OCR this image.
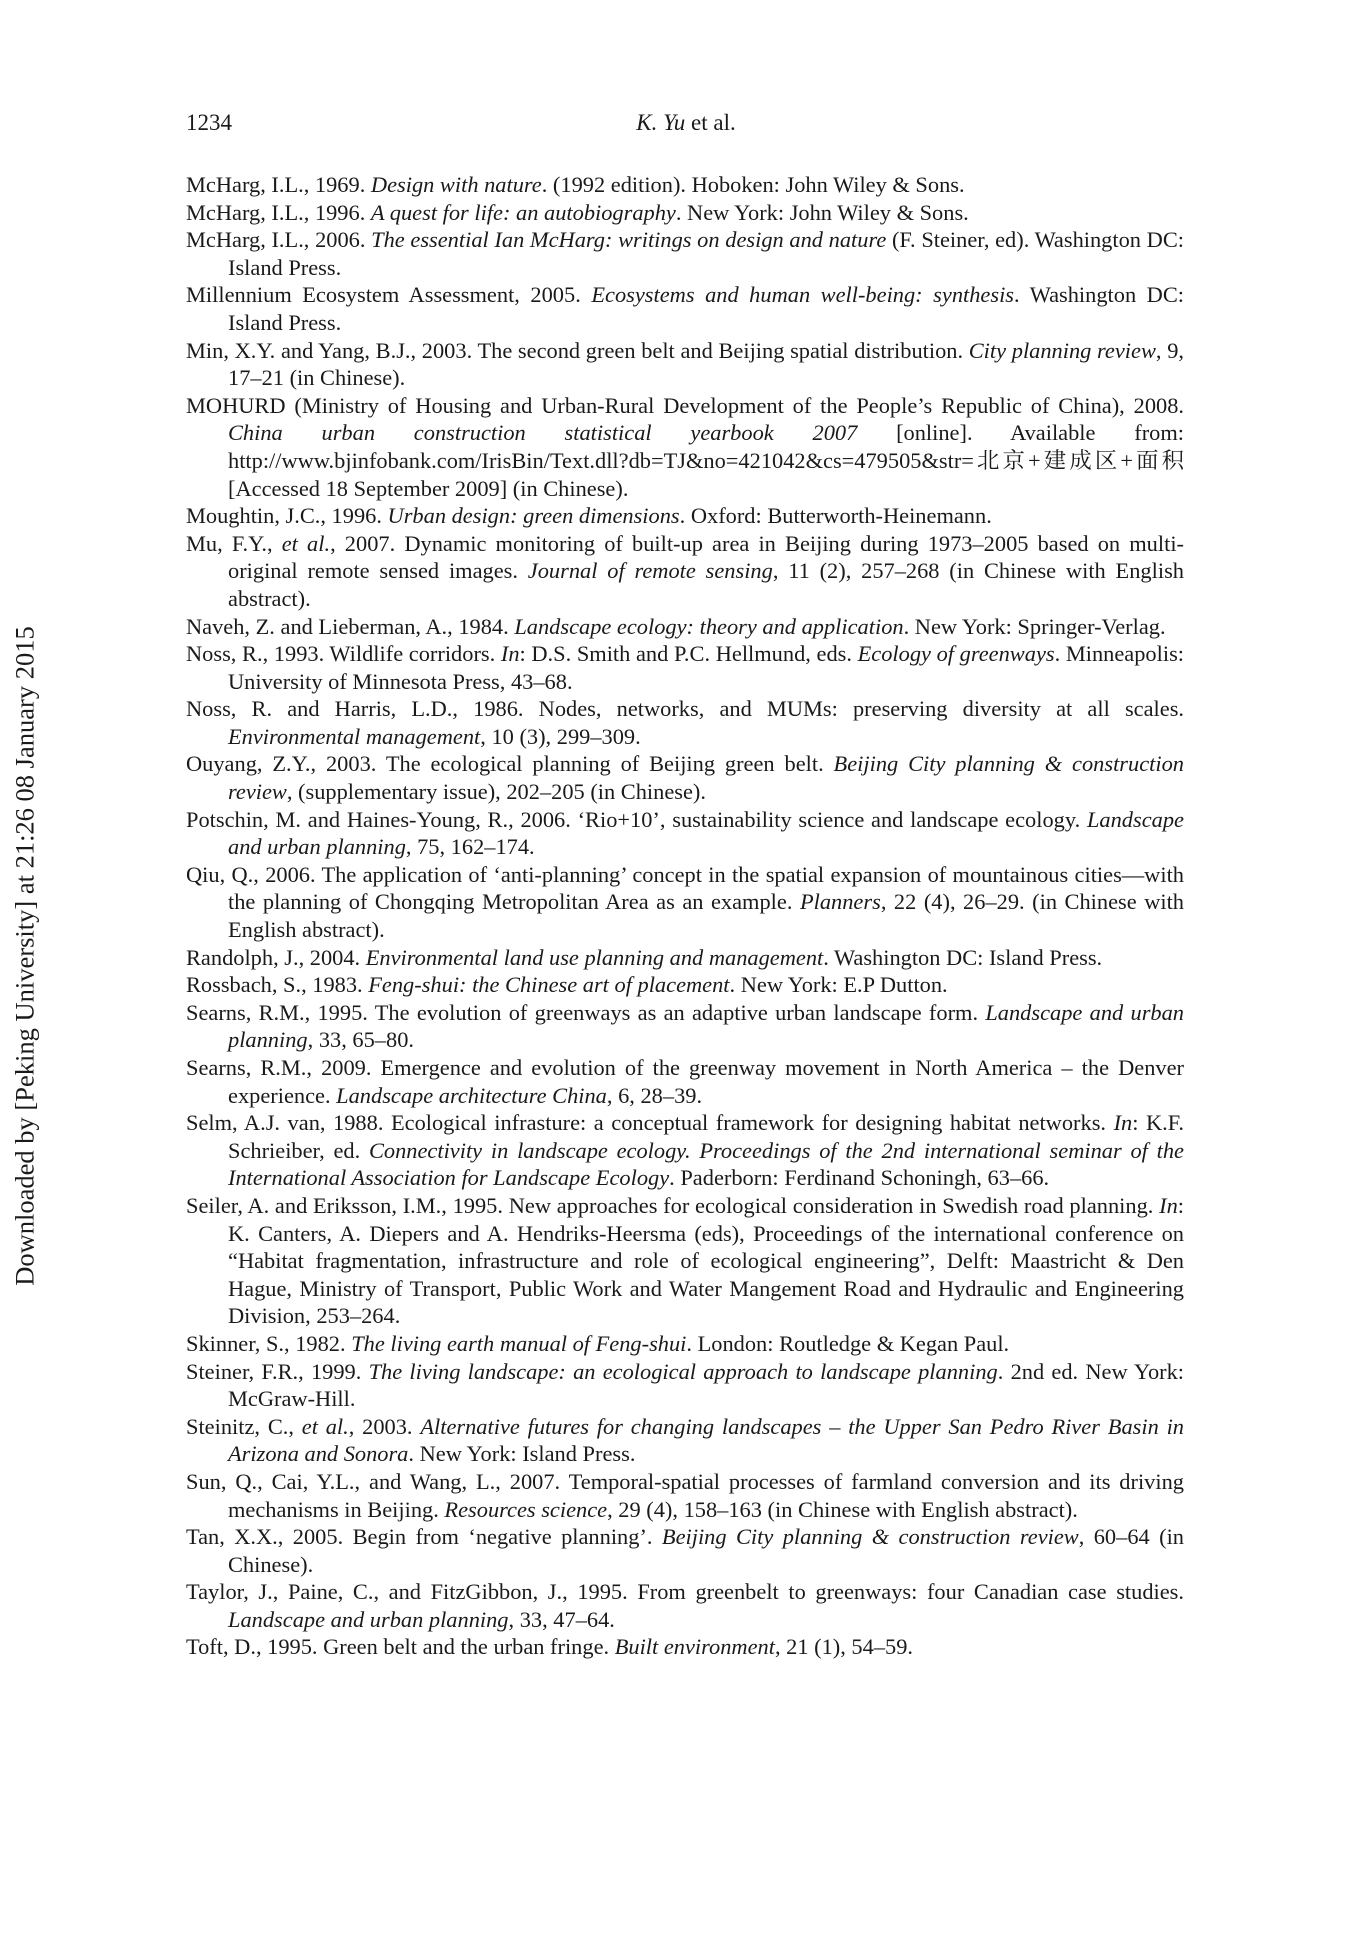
1234	K. Yu et al.
Downloaded by [Peking University] at 21:26 08 January 2015

McHarg, I.L., 1969. Design with nature. (1992 edition). Hoboken: John Wiley & Sons.

McHarg, I.L., 1996. A quest for life: an autobiography. New York: John Wiley & Sons.

McHarg, I.L., 2006. The essential Ian McHarg: writings on design and nature (F. Steiner, ed). Washington DC: Island Press.

Millennium Ecosystem Assessment, 2005. Ecosystems and human well-being: synthesis. Washington DC: Island Press.

Min, X.Y. and Yang, B.J., 2003. The second green belt and Beijing spatial distribution. City planning review, 9, 17–21 (in Chinese).

MOHURD (Ministry of Housing and Urban-Rural Development of the People’s Republic of China), 2008. China urban construction statistical yearbook 2007 [online]. Available from: http://www.bjinfobank.com/IrisBin/Text.dll?db=TJ&no=421042&cs=479505&str=北京+建成区+面积 [Accessed 18 September 2009] (in Chinese).

Moughtin, J.C., 1996. Urban design: green dimensions. Oxford: Butterworth-Heinemann.

Mu, F.Y., et al., 2007. Dynamic monitoring of built-up area in Beijing during 1973–2005 based on multi-original remote sensed images. Journal of remote sensing, 11 (2), 257–268 (in Chinese with English abstract).

Naveh, Z. and Lieberman, A., 1984. Landscape ecology: theory and application. New York: Springer-Verlag.

Noss, R., 1993. Wildlife corridors. In: D.S. Smith and P.C. Hellmund, eds. Ecology of greenways. Minneapolis: University of Minnesota Press, 43–68.

Noss, R. and Harris, L.D., 1986. Nodes, networks, and MUMs: preserving diversity at all scales. Environmental management, 10 (3), 299–309.

Ouyang, Z.Y., 2003. The ecological planning of Beijing green belt. Beijing City planning & construction review, (supplementary issue), 202–205 (in Chinese).

Potschin, M. and Haines-Young, R., 2006. ‘Rio+10’, sustainability science and landscape ecology. Landscape and urban planning, 75, 162–174.

Qiu, Q., 2006. The application of ‘anti-planning’ concept in the spatial expansion of mountainous cities—with the planning of Chongqing Metropolitan Area as an example. Planners, 22 (4), 26–29. (in Chinese with English abstract).

Randolph, J., 2004. Environmental land use planning and management. Washington DC: Island Press.

Rossbach, S., 1983. Feng-shui: the Chinese art of placement. New York: E.P Dutton.

Searns, R.M., 1995. The evolution of greenways as an adaptive urban landscape form. Landscape and urban planning, 33, 65–80.

Searns, R.M., 2009. Emergence and evolution of the greenway movement in North America – the Denver experience. Landscape architecture China, 6, 28–39.

Selm, A.J. van, 1988. Ecological infrasture: a conceptual framework for designing habitat networks. In: K.F. Schrieiber, ed. Connectivity in landscape ecology. Proceedings of the 2nd international seminar of the International Association for Landscape Ecology. Paderborn: Ferdinand Schoningh, 63–66.

Seiler, A. and Eriksson, I.M., 1995. New approaches for ecological consideration in Swedish road planning. In: K. Canters, A. Diepers and A. Hendriks-Heersma (eds), Proceedings of the international conference on “Habitat fragmentation, infrastructure and role of ecological engineering”, Delft: Maastricht & Den Hague, Ministry of Transport, Public Work and Water Mangement Road and Hydraulic and Engineering Division, 253–264.

Skinner, S., 1982. The living earth manual of Feng-shui. London: Routledge & Kegan Paul.

Steiner, F.R., 1999. The living landscape: an ecological approach to landscape planning. 2nd ed. New York: McGraw-Hill.

Steinitz, C., et al., 2003. Alternative futures for changing landscapes – the Upper San Pedro River Basin in Arizona and Sonora. New York: Island Press.

Sun, Q., Cai, Y.L., and Wang, L., 2007. Temporal-spatial processes of farmland conversion and its driving mechanisms in Beijing. Resources science, 29 (4), 158–163 (in Chinese with English abstract).

Tan, X.X., 2005. Begin from ‘negative planning’. Beijing City planning & construction review, 60–64 (in Chinese).

Taylor, J., Paine, C., and FitzGibbon, J., 1995. From greenbelt to greenways: four Canadian case studies. Landscape and urban planning, 33, 47–64.

Toft, D., 1995. Green belt and the urban fringe. Built environment, 21 (1), 54–59.
